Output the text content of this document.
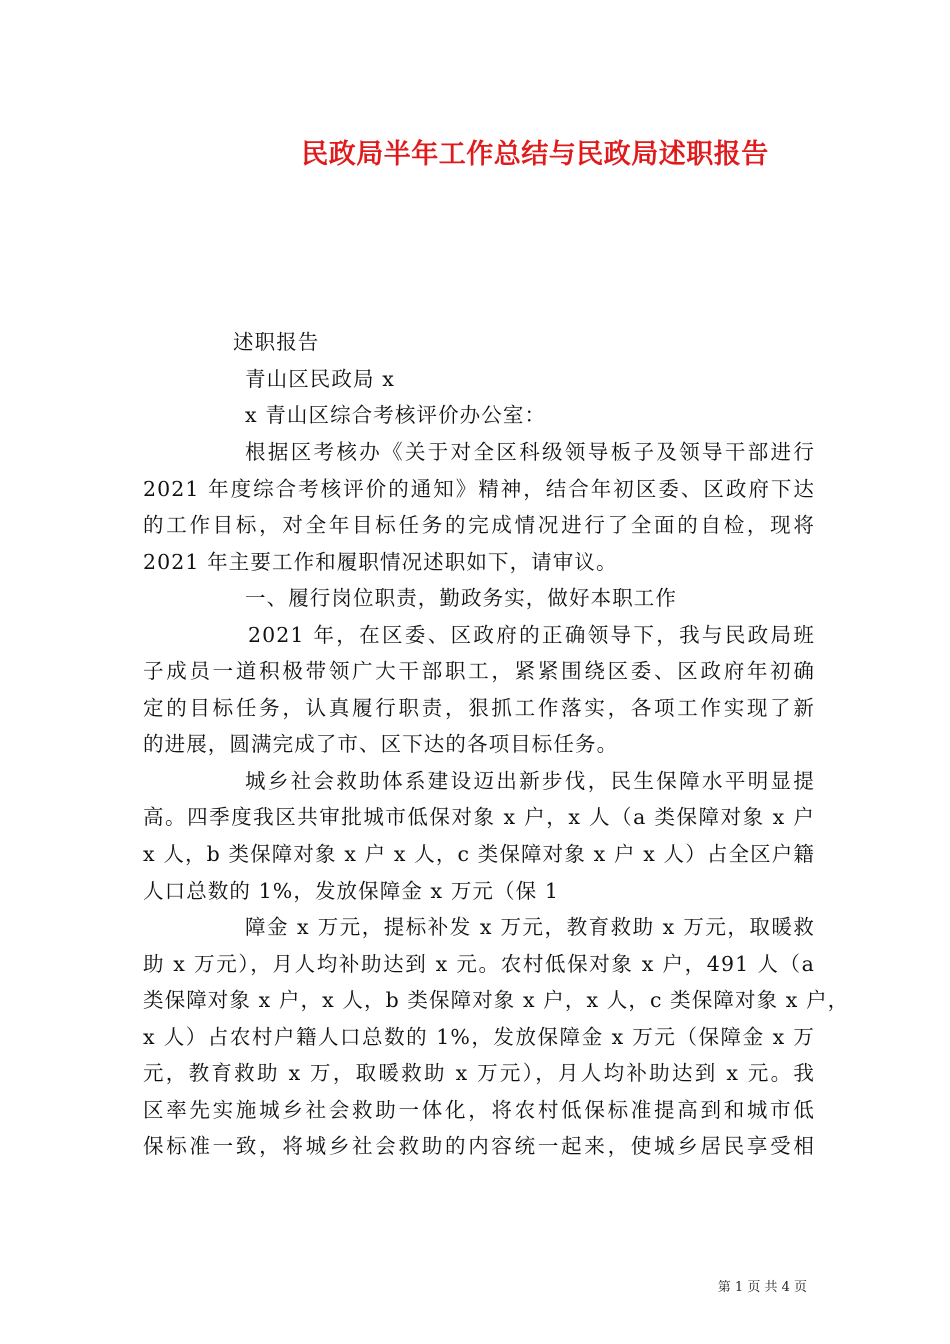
民政局半年工作总结与民政局述职报告
述职报告
青山区民政局 x
x 青山区综合考核评价办公室：
根据区考核办《关于对全区科级领导板子及领导干部进行
2021 年度综合考核评价的通知》精神，结合年初区委、区政府下达
的工作目标，对全年目标任务的完成情况进行了全面的自检，现将
2021 年主要工作和履职情况述职如下，请审议。
一、履行岗位职责，勤政务实，做好本职工作
2021 年，在区委、区政府的正确领导下，我与民政局班
子成员一道积极带领广大干部职工，紧紧围绕区委、区政府年初确
定的目标任务，认真履行职责，狠抓工作落实，各项工作实现了新
的进展，圆满完成了市、区下达的各项目标任务。
城乡社会救助体系建设迈出新步伐，民生保障水平明显提
高。四季度我区共审批城市低保对象 x 户，x 人（a 类保障对象 x 户
x 人，b 类保障对象 x 户 x 人，c 类保障对象 x 户 x 人）占全区户籍
人口总数的 1%，发放保障金 x 万元（保 1
障金 x 万元，提标补发 x 万元，教育救助 x 万元，取暖救
助 x 万元），月人均补助达到 x 元。农村低保对象 x 户，491 人（a
类保障对象 x 户，x 人，b 类保障对象 x 户，x 人，c 类保障对象 x 户，
x 人）占农村户籍人口总数的 1%，发放保障金 x 万元（保障金 x 万
元，教育救助 x 万，取暖救助 x 万元），月人均补助达到 x 元。我
区率先实施城乡社会救助一体化，将农村低保标准提高到和城市低
保标准一致，将城乡社会救助的内容统一起来，使城乡居民享受相
第 1 页 共 4 页
